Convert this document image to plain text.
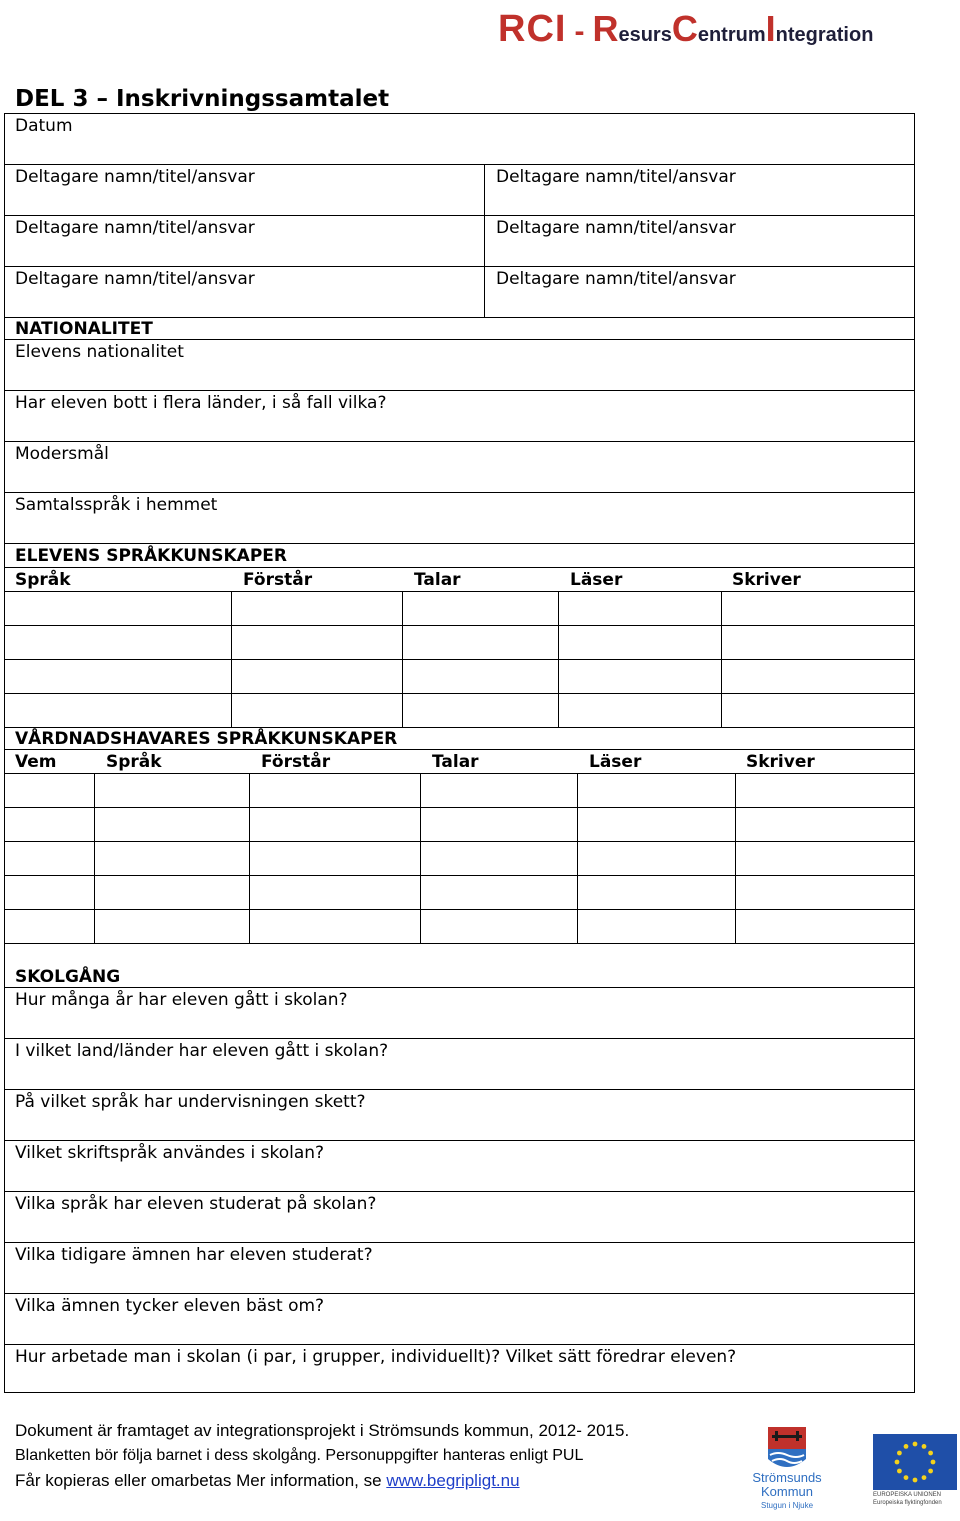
RCI - ResursCentrumIntegration
DEL 3 – Inskrivningssamtalet
Datum
Deltagare namn/titel/ansvar	Deltagare namn/titel/ansvar
Deltagare namn/titel/ansvar	Deltagare namn/titel/ansvar
Deltagare namn/titel/ansvar	Deltagare namn/titel/ansvar
NATIONALITET
Elevens nationalitet
Har eleven bott i flera länder, i så fall vilka?
Modersmål
Samtalsspråk i hemmet
ELEVENS SPRÅKKUNSKAPER
Språk	Förstår	Talar	Läser	Skriver
VÅRDNADSHAVARES SPRÅKKUNSKAPER
Vem	Språk	Förstår	Talar	Läser	Skriver
SKOLGÅNG
Hur många år har eleven gått i skolan?
I vilket land/länder har eleven gått i skolan?
På vilket språk har undervisningen skett?
Vilket skriftspråk användes i skolan?
Vilka språk har eleven studerat på skolan?
Vilka tidigare ämnen har eleven studerat?
Vilka ämnen tycker eleven bäst om?
Hur arbetade man i skolan (i par, i grupper, individuellt)? Vilket sätt föredrar eleven?
Dokument är framtaget av integrationsprojekt i Strömsunds kommun, 2012- 2015.
Blanketten bör följa barnet i dess skolgång. Personuppgifter hanteras enligt PUL
Får kopieras eller omarbetas Mer information, se www.begripligt.nu	Strömsunds
Kommun
Stugun i Njuke
EUROPEISKA UNIONEN
Europeiska flyktingfonden
